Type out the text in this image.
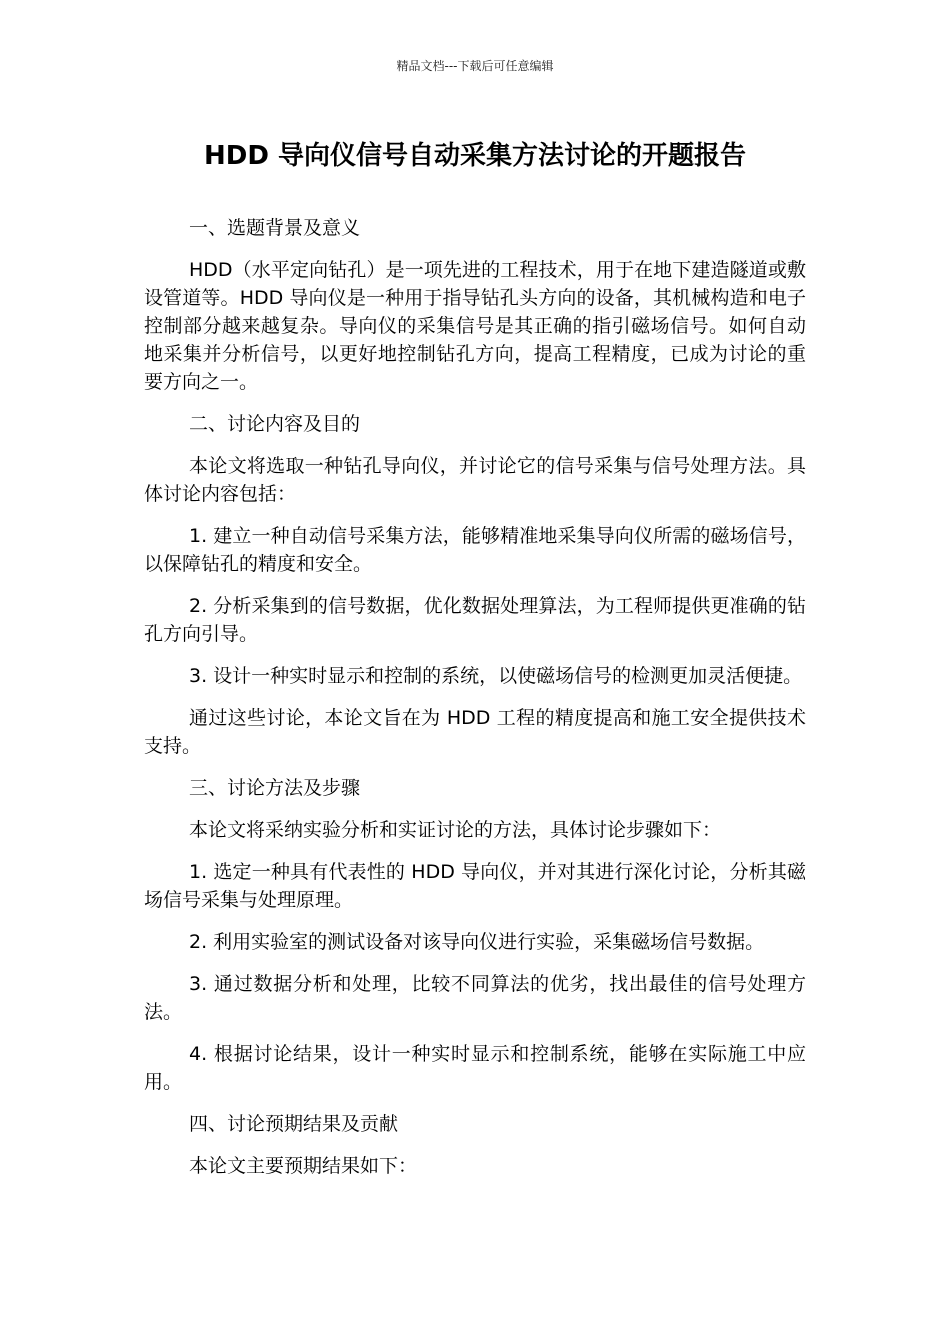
精品文档---下载后可任意编辑
HDD 导向仪信号自动采集方法讨论的开题报告

一、选题背景及意义

HDD（水平定向钻孔）是一项先进的工程技术，用于在地下建造隧道或敷设管道等。HDD 导向仪是一种用于指导钻孔头方向的设备，其机械构造和电子控制部分越来越复杂。导向仪的采集信号是其正确的指引磁场信号。如何自动地采集并分析信号，以更好地控制钻孔方向，提高工程精度，已成为讨论的重要方向之一。

二、讨论内容及目的

本论文将选取一种钻孔导向仪，并讨论它的信号采集与信号处理方法。具体讨论内容包括：

1. 建立一种自动信号采集方法，能够精准地采集导向仪所需的磁场信号，以保障钻孔的精度和安全。

2. 分析采集到的信号数据，优化数据处理算法，为工程师提供更准确的钻孔方向引导。

3. 设计一种实时显示和控制的系统，以使磁场信号的检测更加灵活便捷。

通过这些讨论，本论文旨在为 HDD 工程的精度提高和施工安全提供技术支持。

三、讨论方法及步骤

本论文将采纳实验分析和实证讨论的方法，具体讨论步骤如下：

1. 选定一种具有代表性的 HDD 导向仪，并对其进行深化讨论，分析其磁场信号采集与处理原理。

2. 利用实验室的测试设备对该导向仪进行实验，采集磁场信号数据。

3. 通过数据分析和处理，比较不同算法的优劣，找出最佳的信号处理方法。

4. 根据讨论结果，设计一种实时显示和控制系统，能够在实际施工中应用。

四、讨论预期结果及贡献

本论文主要预期结果如下：
